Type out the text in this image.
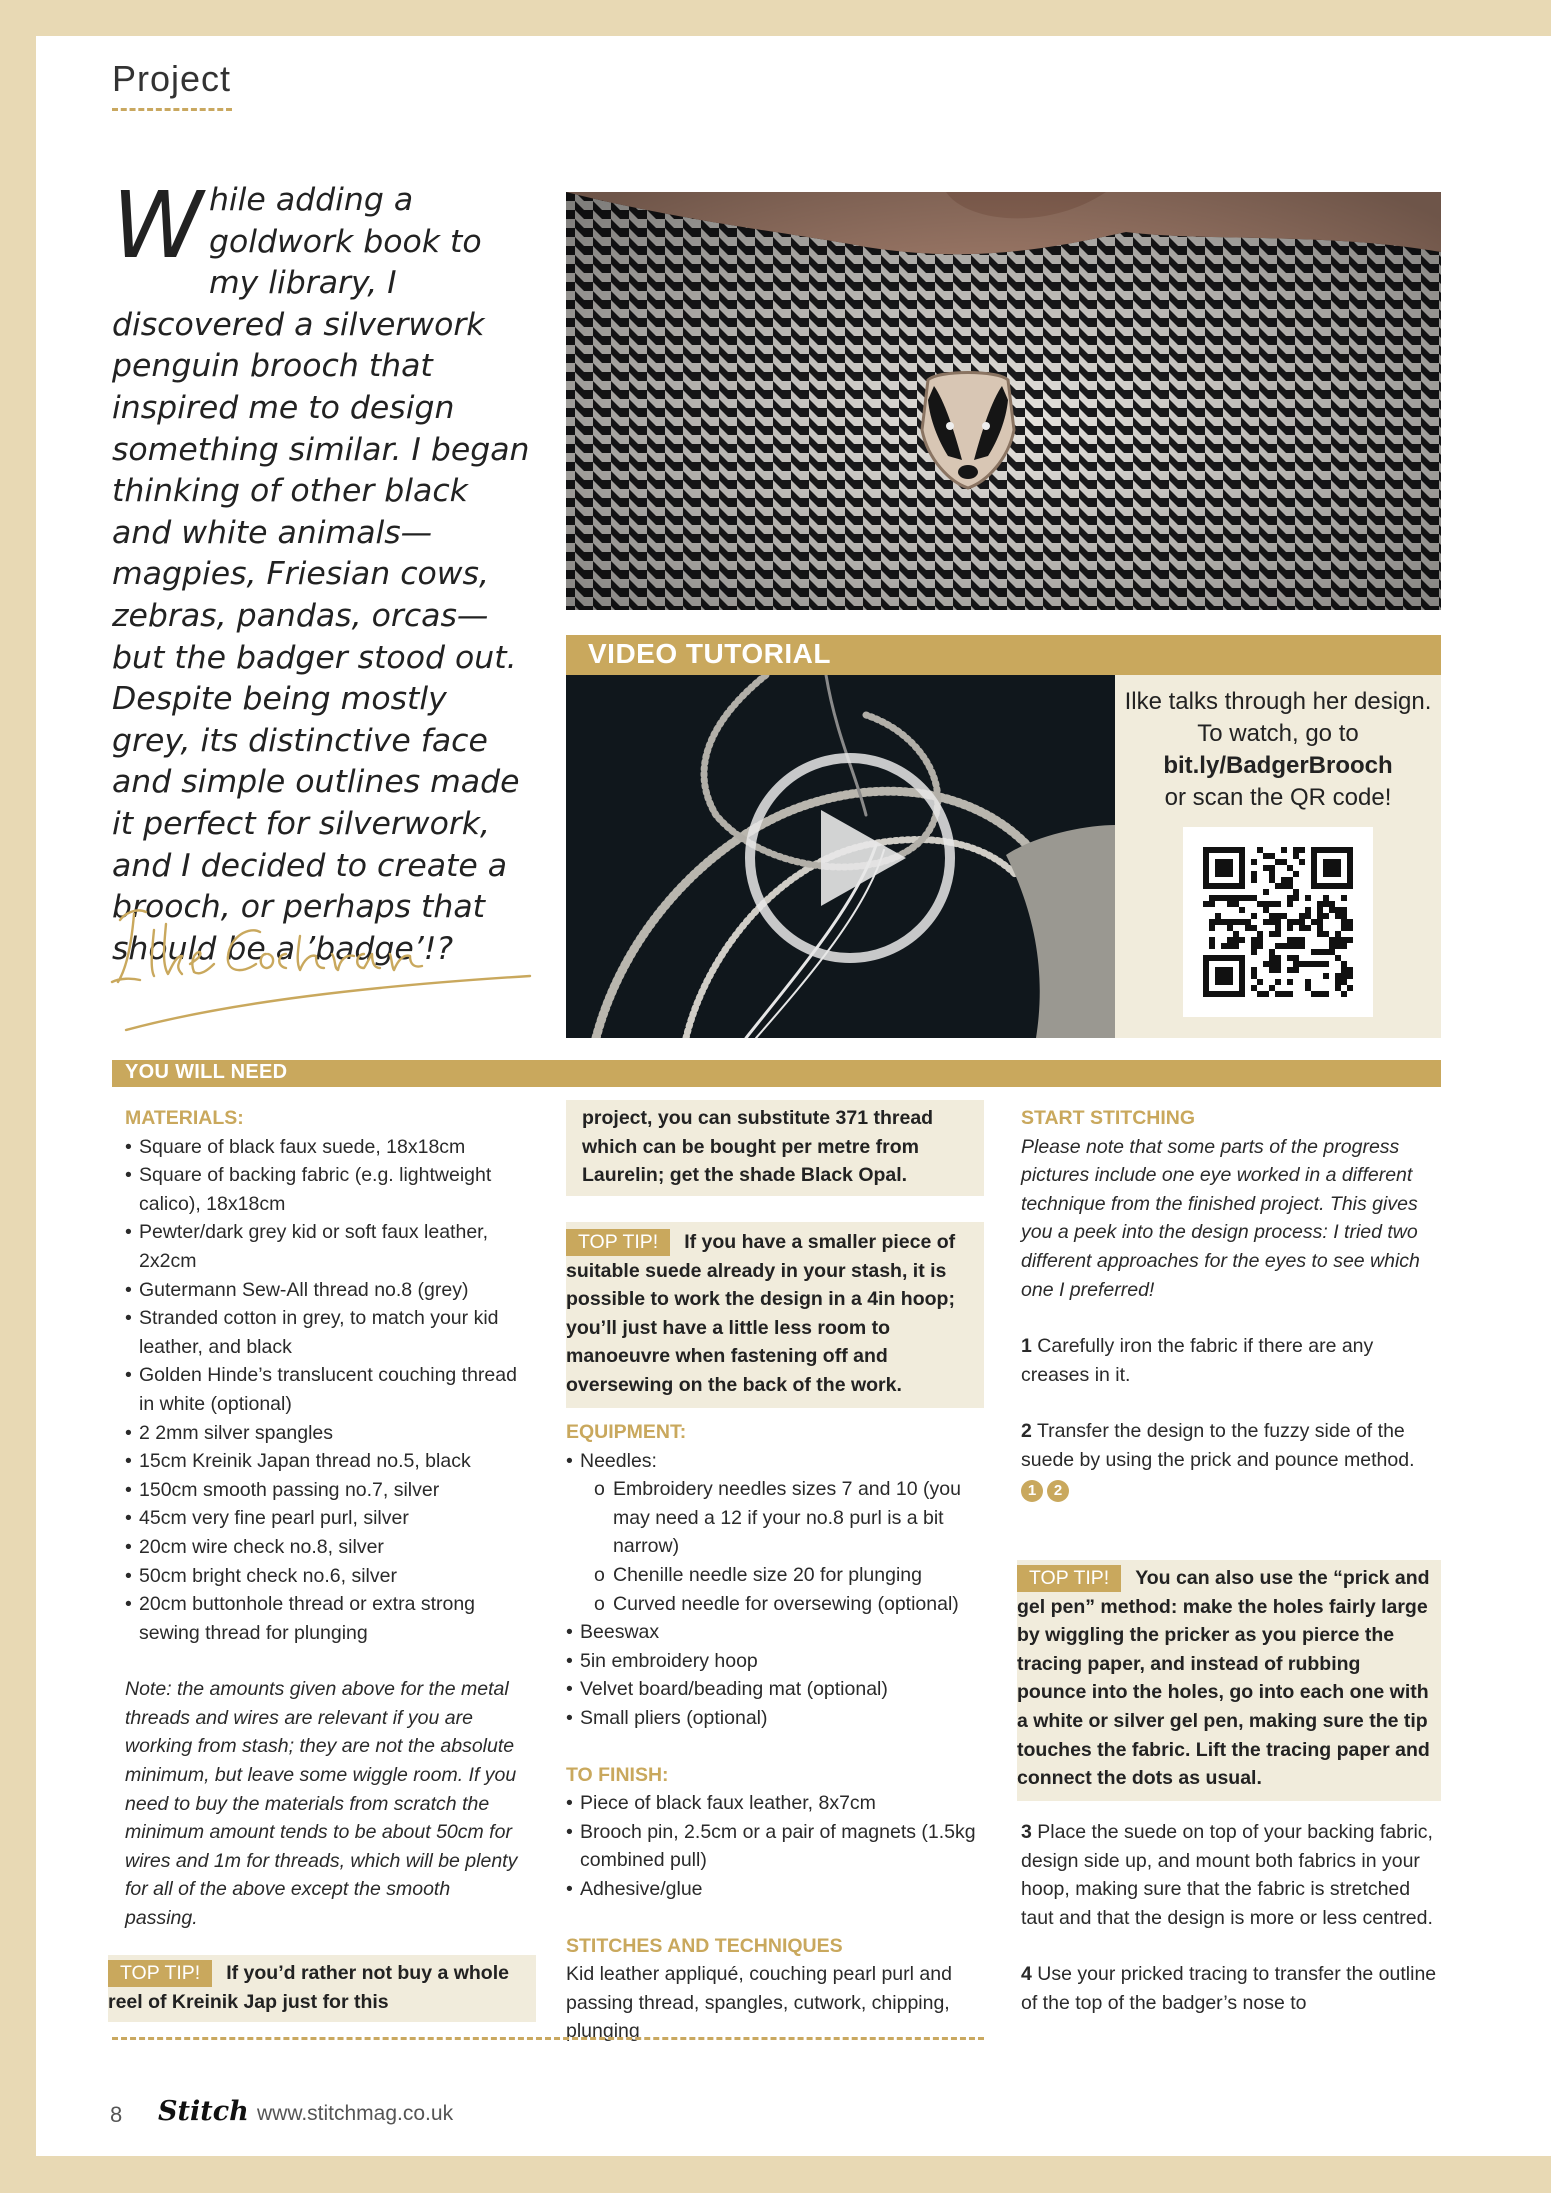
Project
W hile adding a goldwork book to my library, I discovered a silverwork penguin brooch that inspired me to design something similar. I began thinking of other black and white animals—magpies, Friesian cows, zebras, pandas, orcas—but the badger stood out. Despite being mostly grey, its distinctive face and simple outlines made it perfect for silverwork, and I decided to create a brooch, or perhaps that should be a ’badge’!?
VIDEO TUTORIAL
Ilke talks through her design. To watch, go to
bit.ly/BadgerBrooch
or scan the QR code!
YOU WILL NEED

MATERIALS:

• Square of black faux suede, 18x18cm
• Square of backing fabric (e.g. lightweight calico), 18x18cm
• Pewter/dark grey kid or soft faux leather, 2x2cm
• Gutermann Sew-All thread no.8 (grey)
• Stranded cotton in grey, to match your kid leather, and black
• Golden Hinde’s translucent couching thread in white (optional)
• 2 2mm silver spangles
• 15cm Kreinik Japan thread no.5, black
• 150cm smooth passing no.7, silver
• 45cm very fine pearl purl, silver
• 20cm wire check no.8, silver
• 50cm bright check no.6, silver
• 20cm buttonhole thread or extra strong sewing thread for plunging

Note: the amounts given above for the metal threads and wires are relevant if you are working from stash; they are not the absolute minimum, but leave some wiggle room. If you need to buy the materials from scratch the minimum amount tends to be about 50cm for wires and 1m for threads, which will be plenty for all of the above except the smooth passing.

TOP TIP! If you’d rather not buy a whole reel of Kreinik Jap just for this
project, you can substitute 371 thread which can be bought per metre from Laurelin; get the shade Black Opal.
TOP TIP! If you have a smaller piece of suitable suede already in your stash, it is possible to work the design in a 4in hoop; you’ll just have a little less room to manoeuvre when fastening off and oversewing on the back of the work.

EQUIPMENT:

• Needles:
o Embroidery needles sizes 7 and 10 (you may need a 12 if your no.8 purl is a bit narrow)
o Chenille needle size 20 for plunging
o Curved needle for oversewing (optional)
• Beeswax
• 5in embroidery hoop
• Velvet board/beading mat (optional)
• Small pliers (optional)

TO FINISH:

• Piece of black faux leather, 8x7cm
• Brooch pin, 2.5cm or a pair of magnets (1.5kg combined pull)
• Adhesive/glue

STITCHES AND TECHNIQUES

Kid leather appliqué, couching pearl purl and passing thread, spangles, cutwork, chipping, plunging

START STITCHING

Please note that some parts of the progress pictures include one eye worked in a different technique from the finished project. This gives you a peek into the design process: I tried two different approaches for the eyes to see which one I preferred!

1 Carefully iron the fabric if there are any creases in it.

2 Transfer the design to the fuzzy side of the suede by using the prick and pounce method.
1 2

TOP TIP! You can also use the “prick and gel pen” method: make the holes fairly large by wiggling the pricker as you pierce the tracing paper, and instead of rubbing pounce into the holes, go into each one with a white or silver gel pen, making sure the tip touches the fabric. Lift the tracing paper and connect the dots as usual.

3 Place the suede on top of your backing fabric, design side up, and mount both fabrics in your hoop, making sure that the fabric is stretched taut and that the design is more or less centred.

4 Use your pricked tracing to transfer the outline of the top of the badger’s nose to

8 Stitch www.stitchmag.co.uk
